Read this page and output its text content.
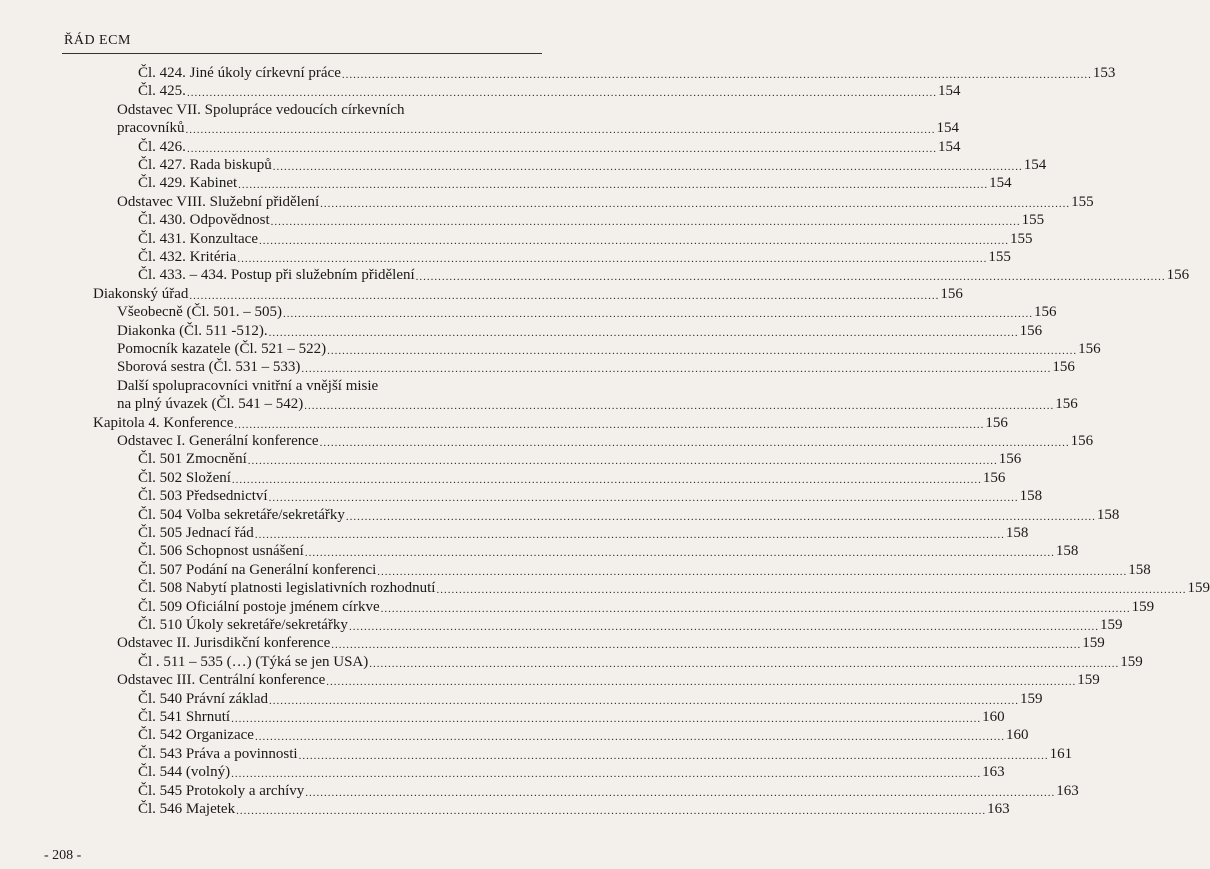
ŘÁD ECM
Čl. 424. Jiné úkoly církevní práce ........................................................................................................................................................................................................ 153
Čl. 425. ........................................................................................................................................................................................................ 154
Odstavec VII. Spolupráce vedoucích církevních
pracovníků ........................................................................................................................................................................................................ 154
Čl. 426. ........................................................................................................................................................................................................ 154
Čl. 427. Rada biskupů ........................................................................................................................................................................................................ 154
Čl. 429. Kabinet ........................................................................................................................................................................................................ 154
Odstavec VIII. Služební přidělení ........................................................................................................................................................................................................ 155
Čl. 430. Odpovědnost ........................................................................................................................................................................................................ 155
Čl. 431. Konzultace ........................................................................................................................................................................................................ 155
Čl. 432. Kritéria ........................................................................................................................................................................................................ 155
Čl. 433. – 434. Postup při služebním přidělení ........................................................................................................................................................................................................ 156
Diakonský úřad ........................................................................................................................................................................................................ 156
Všeobecně (Čl. 501. – 505) ........................................................................................................................................................................................................ 156
Diakonka (Čl. 511 -512). ........................................................................................................................................................................................................ 156
Pomocník kazatele (Čl. 521 – 522) ........................................................................................................................................................................................................ 156
Sborová sestra (Čl. 531 – 533) ........................................................................................................................................................................................................ 156
Další spolupracovníci vnitřní a vnější misie
na plný úvazek (Čl. 541 – 542) ........................................................................................................................................................................................................ 156
Kapitola 4. Konference ........................................................................................................................................................................................................ 156
Odstavec I. Generální konference ........................................................................................................................................................................................................ 156
Čl. 501 Zmocnění ........................................................................................................................................................................................................ 156
Čl. 502 Složení ........................................................................................................................................................................................................ 156
Čl. 503 Předsednictví ........................................................................................................................................................................................................ 158
Čl. 504 Volba sekretáře/sekretářky ........................................................................................................................................................................................................ 158
Čl. 505 Jednací řád ........................................................................................................................................................................................................ 158
Čl. 506 Schopnost usnášení ........................................................................................................................................................................................................ 158
Čl. 507 Podání na Generální konferenci ........................................................................................................................................................................................................ 158
Čl. 508 Nabytí platnosti legislativních rozhodnutí ........................................................................................................................................................................................................ 159
Čl. 509 Oficiální postoje jménem církve ........................................................................................................................................................................................................ 159
Čl. 510 Úkoly sekretáře/sekretářky ........................................................................................................................................................................................................ 159
Odstavec II. Jurisdikční konference ........................................................................................................................................................................................................ 159
Čl . 511 – 535 (…) (Týká se jen USA) ........................................................................................................................................................................................................ 159
Odstavec III. Centrální konference ........................................................................................................................................................................................................ 159
Čl. 540 Právní základ ........................................................................................................................................................................................................ 159
Čl. 541 Shrnutí ........................................................................................................................................................................................................ 160
Čl. 542 Organizace ........................................................................................................................................................................................................ 160
Čl. 543 Práva a povinnosti ........................................................................................................................................................................................................ 161
Čl. 544 (volný) ........................................................................................................................................................................................................ 163
Čl. 545 Protokoly a archívy ........................................................................................................................................................................................................ 163
Čl. 546 Majetek ........................................................................................................................................................................................................ 163
- 208 -
